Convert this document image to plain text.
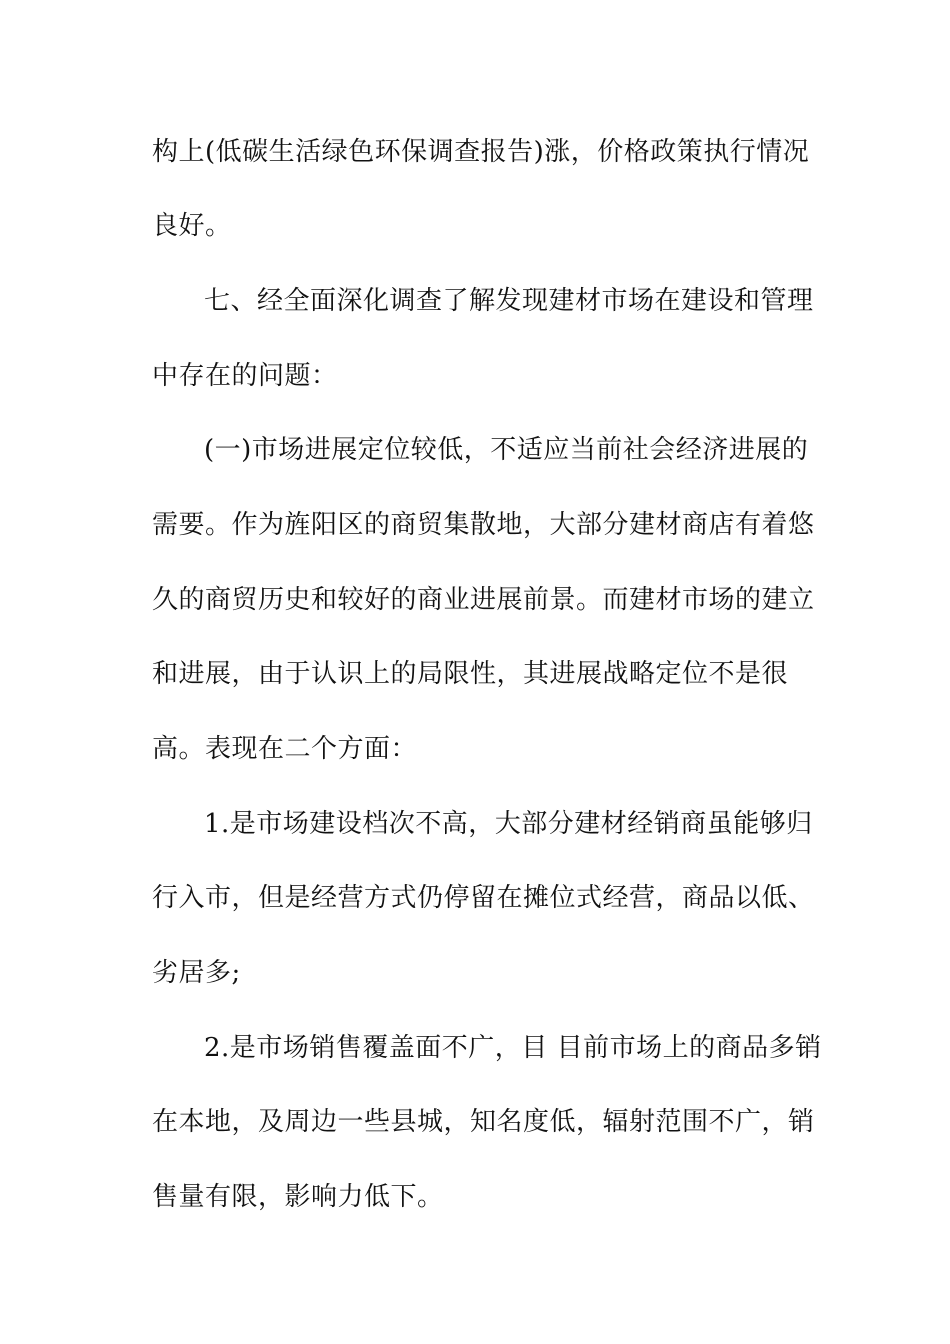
构上(低碳生活绿色环保调查报告)涨，价格政策执行情况
良好。
七、经全面深化调查了解发现建材市场在建设和管理
中存在的问题：
(一)市场进展定位较低，不适应当前社会经济进展的
需要。作为旌阳区的商贸集散地，大部分建材商店有着悠
久的商贸历史和较好的商业进展前景。而建材市场的建立
和进展，由于认识上的局限性，其进展战略定位不是很
高。表现在二个方面：
1.是市场建设档次不高，大部分建材经销商虽能够归
行入市，但是经营方式仍停留在摊位式经营，商品以低、
劣居多;
2.是市场销售覆盖面不广，目 目前市场上的商品多销
在本地，及周边一些县城，知名度低，辐射范围不广，销
售量有限，影响力低下。
